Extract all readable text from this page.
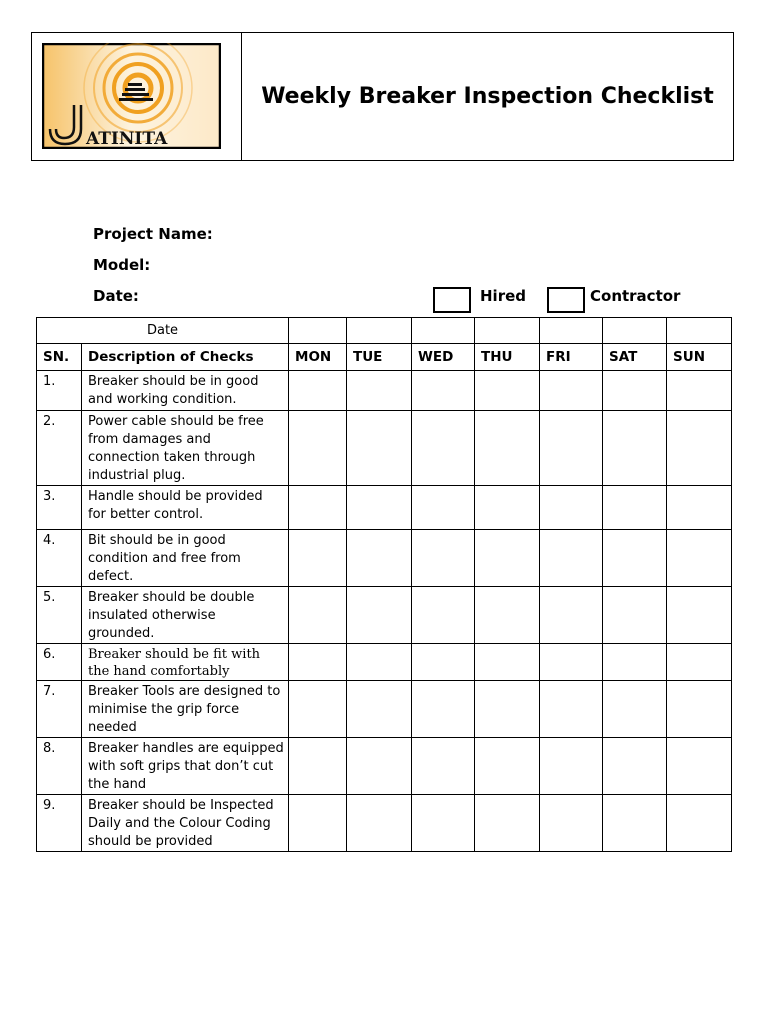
ATINITA
Weekly Breaker Inspection Checklist
Project Name:
Model:
Date:	Hired	Contractor
Date								
SN.	Description of Checks	MON	TUE	WED	THU	FRI	SAT	SUN
1.	Breaker should be in good and working condition.							
2.	Power cable should be free from damages and connection taken through industrial plug.							
3.	Handle should be provided for better control.							
4.	Bit should be in good condition and free from defect.							
5.	Breaker should be double insulated otherwise grounded.							
6.	Breaker should be fit with the hand comfortably							
7.	Breaker Tools are designed to minimise the grip force needed							
8.	Breaker handles are equipped with soft grips that don’t cut the hand							
9.	Breaker should be Inspected Daily and the Colour Coding should be provided							
